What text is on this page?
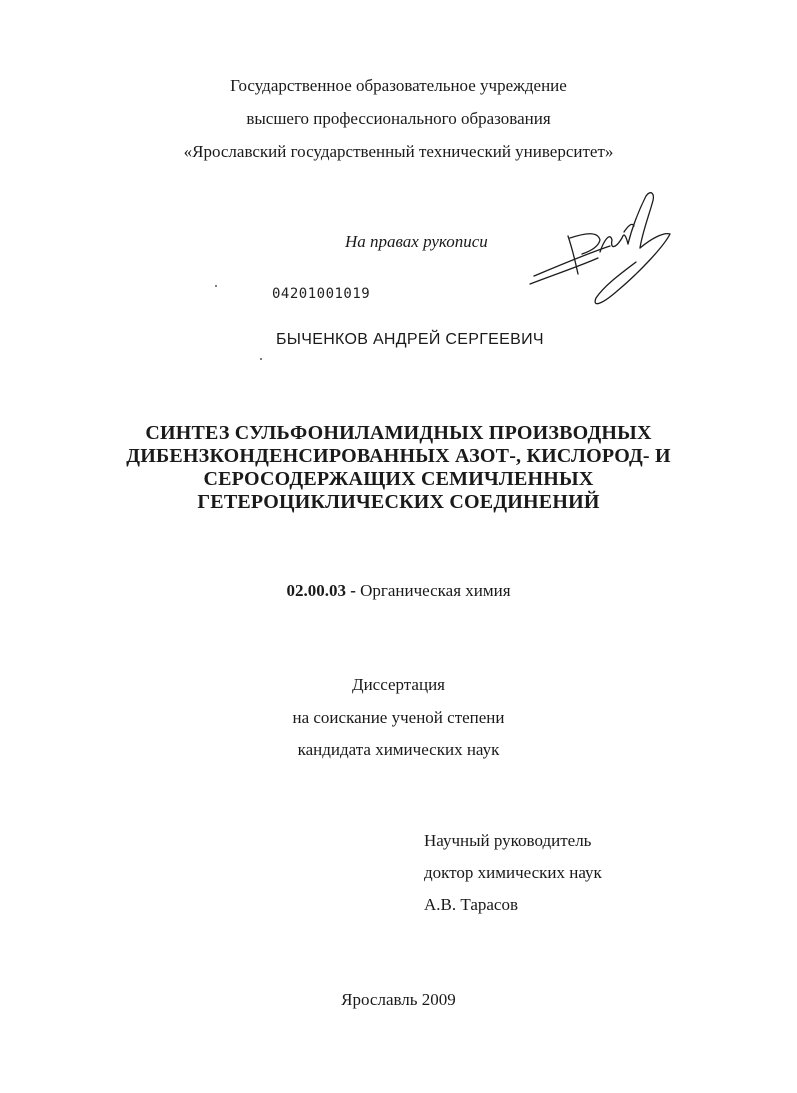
Государственное образовательное учреждение
высшего профессионального образования
«Ярославский государственный технический университет»
На правах рукописи
04201001019
БЫЧЕНКОВ АНДРЕЙ СЕРГЕЕВИЧ
СИНТЕЗ СУЛЬФОНИЛАМИДНЫХ ПРОИЗВОДНЫХ
ДИБЕНЗКОНДЕНСИРОВАННЫХ АЗОТ-, КИСЛОРОД- И
СЕРОСОДЕРЖАЩИХ СЕМИЧЛЕННЫХ
ГЕТЕРОЦИКЛИЧЕСКИХ СОЕДИНЕНИЙ
02.00.03 - Органическая химия
Диссертация
на соискание ученой степени
кандидата химических наук
Научный руководитель
доктор химических наук
А.В. Тарасов
Ярославль 2009
